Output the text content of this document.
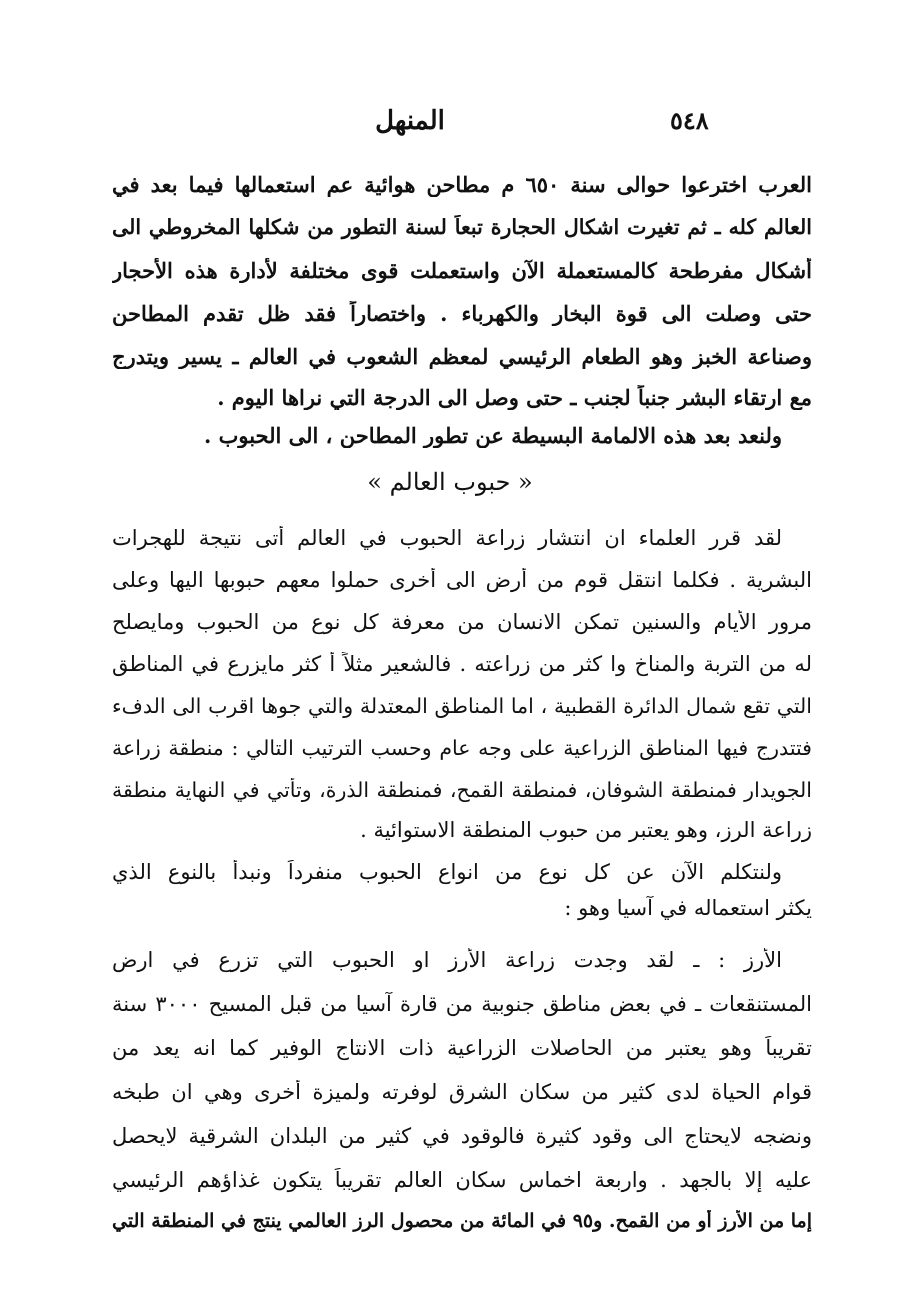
٥٤٨
المنهل
العرب اخترعوا حوالى سنة ٦٥٠ م مطاحن هوائية عم استعمالها فيما بعد في
العالم كله ـ ثم تغيرت اشكال الحجارة تبعاً لسنة التطور من شكلها المخروطي الى
أشكال مفرطحة كالمستعملة الآن واستعملت قوى مختلفة لأدارة هذه الأحجار
حتى وصلت الى قوة البخار والكهرباء . واختصاراً فقد ظل تقدم المطاحن
وصناعة الخبز وهو الطعام الرئيسي لمعظم الشعوب في العالم ـ يسير ويتدرج
مع ارتقاء البشر جنباً لجنب ـ حتى وصل الى الدرجة التي نراها اليوم .
ولنعد بعد هذه الالمامة البسيطة عن تطور المطاحن ، الى الحبوب .
« حبوب العالم »
لقد قرر العلماء ان انتشار زراعة الحبوب في العالم أتى نتيجة للهجرات
البشرية . فكلما انتقل قوم من أرض الى أخرى حملوا معهم حبوبها اليها وعلى
مرور الأيام والسنين تمكن الانسان من معرفة كل نوع من الحبوب ومايصلح
له من التربة والمناخ وا كثر من زراعته . فالشعير مثلاً أ كثر مايزرع في المناطق
التي تقع شمال الدائرة القطبية ، اما المناطق المعتدلة والتي جوها اقرب الى الدفء
فتتدرج فيها المناطق الزراعية على وجه عام وحسب الترتيب التالي : منطقة زراعة
الجويدار فمنطقة الشوفان، فمنطقة القمح، فمنطقة الذرة، وتأتي في النهاية منطقة
زراعة الرز، وهو يعتبر من حبوب المنطقة الاستوائية .
ولنتكلم الآن عن كل نوع من انواع الحبوب منفرداً ونبدأ بالنوع الذي
يكثر استعماله في آسيا وهو :
الأرز : ـ لقد وجدت زراعة الأرز او الحبوب التي تزرع في ارض
المستنقعات ـ في بعض مناطق جنوبية من قارة آسيا من قبل المسيح ٣٠٠٠ سنة
تقريباً وهو يعتبر من الحاصلات الزراعية ذات الانتاج الوفير كما انه يعد من
قوام الحياة لدى كثير من سكان الشرق لوفرته ولميزة أخرى وهي ان طبخه
ونضجه لايحتاج الى وقود كثيرة فالوقود في كثير من البلدان الشرقية لايحصل
عليه إلا بالجهد . واربعة اخماس سكان العالم تقريباً يتكون غذاؤهم الرئيسي
إما من الأرز أو من القمح. و٩٥ في المائة من محصول الرز العالمي ينتج في المنطقة التي
